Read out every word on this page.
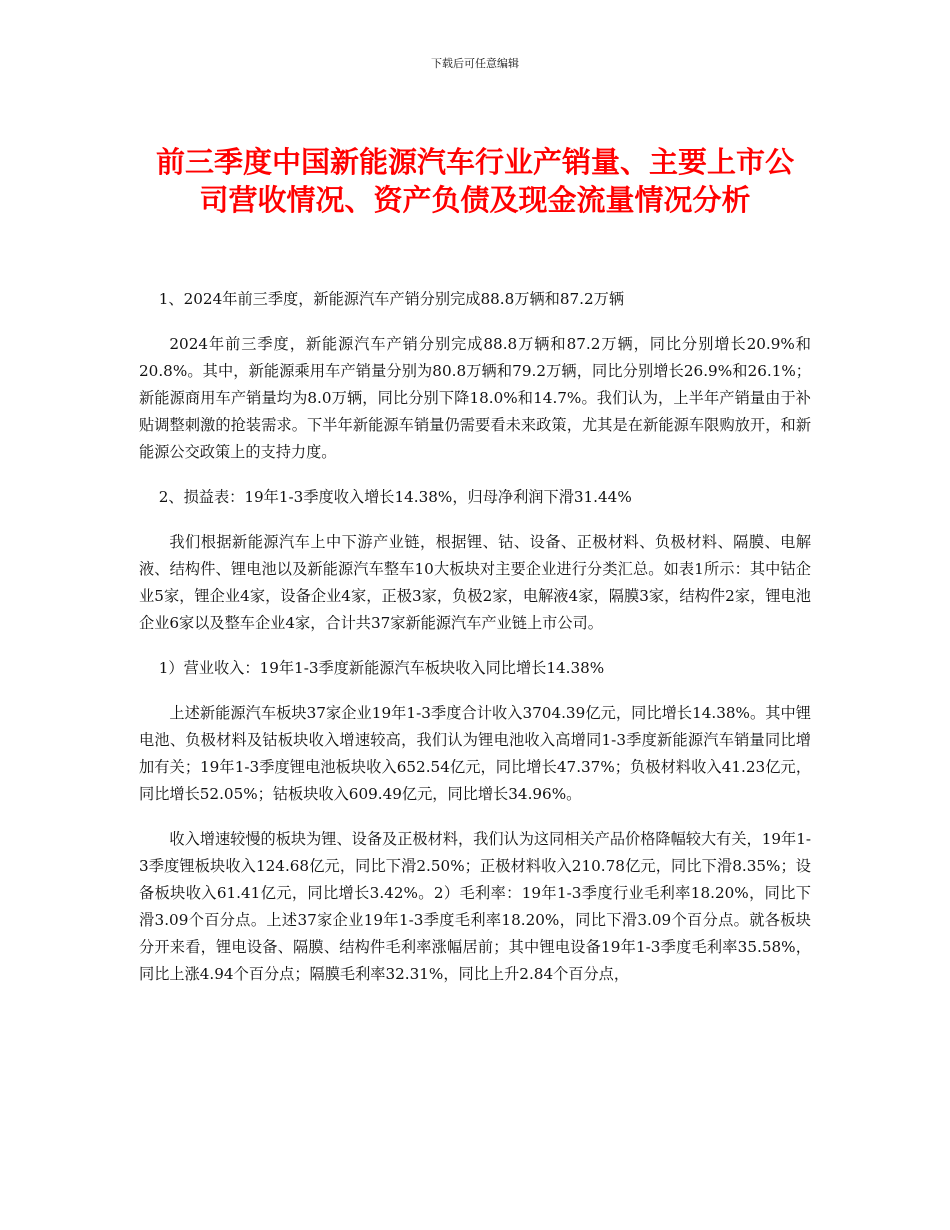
下载后可任意编辑
前三季度中国新能源汽车行业产销量、主要上市公司营收情况、资产负债及现金流量情况分析

1、2024年前三季度，新能源汽车产销分别完成88.8万辆和87.2万辆

2024年前三季度，新能源汽车产销分别完成88.8万辆和87.2万辆，同比分别增长20.9%和20.8%。其中，新能源乘用车产销量分别为80.8万辆和79.2万辆，同比分别增长26.9%和26.1%；新能源商用车产销量均为8.0万辆，同比分别下降18.0%和14.7%。我们认为，上半年产销量由于补贴调整刺激的抢装需求。下半年新能源车销量仍需要看未来政策，尤其是在新能源车限购放开，和新能源公交政策上的支持力度。

2、损益表：19年1-3季度收入增长14.38%，归母净利润下滑31.44%

我们根据新能源汽车上中下游产业链，根据锂、钴、设备、正极材料、负极材料、隔膜、电解液、结构件、锂电池以及新能源汽车整车10大板块对主要企业进行分类汇总。如表1所示：其中钴企业5家，锂企业4家，设备企业4家，正极3家，负极2家，电解液4家，隔膜3家，结构件2家，锂电池企业6家以及整车企业4家，合计共37家新能源汽车产业链上市公司。

1）营业收入：19年1-3季度新能源汽车板块收入同比增长14.38%

上述新能源汽车板块37家企业19年1-3季度合计收入3704.39亿元，同比增长14.38%。其中锂电池、负极材料及钴板块收入增速较高，我们认为锂电池收入高增同1-3季度新能源汽车销量同比增加有关；19年1-3季度锂电池板块收入652.54亿元，同比增长47.37%；负极材料收入41.23亿元，同比增长52.05%；钴板块收入609.49亿元，同比增长34.96%。

收入增速较慢的板块为锂、设备及正极材料，我们认为这同相关产品价格降幅较大有关，19年1-3季度锂板块收入124.68亿元，同比下滑2.50%；正极材料收入210.78亿元，同比下滑8.35%；设备板块收入61.41亿元，同比增长3.42%。2）毛利率：19年1-3季度行业毛利率18.20%，同比下滑3.09个百分点。上述37家企业19年1-3季度毛利率18.20%，同比下滑3.09个百分点。就各板块分开来看，锂电设备、隔膜、结构件毛利率涨幅居前；其中锂电设备19年1-3季度毛利率35.58%，同比上涨4.94个百分点；隔膜毛利率32.31%，同比上升2.84个百分点，
